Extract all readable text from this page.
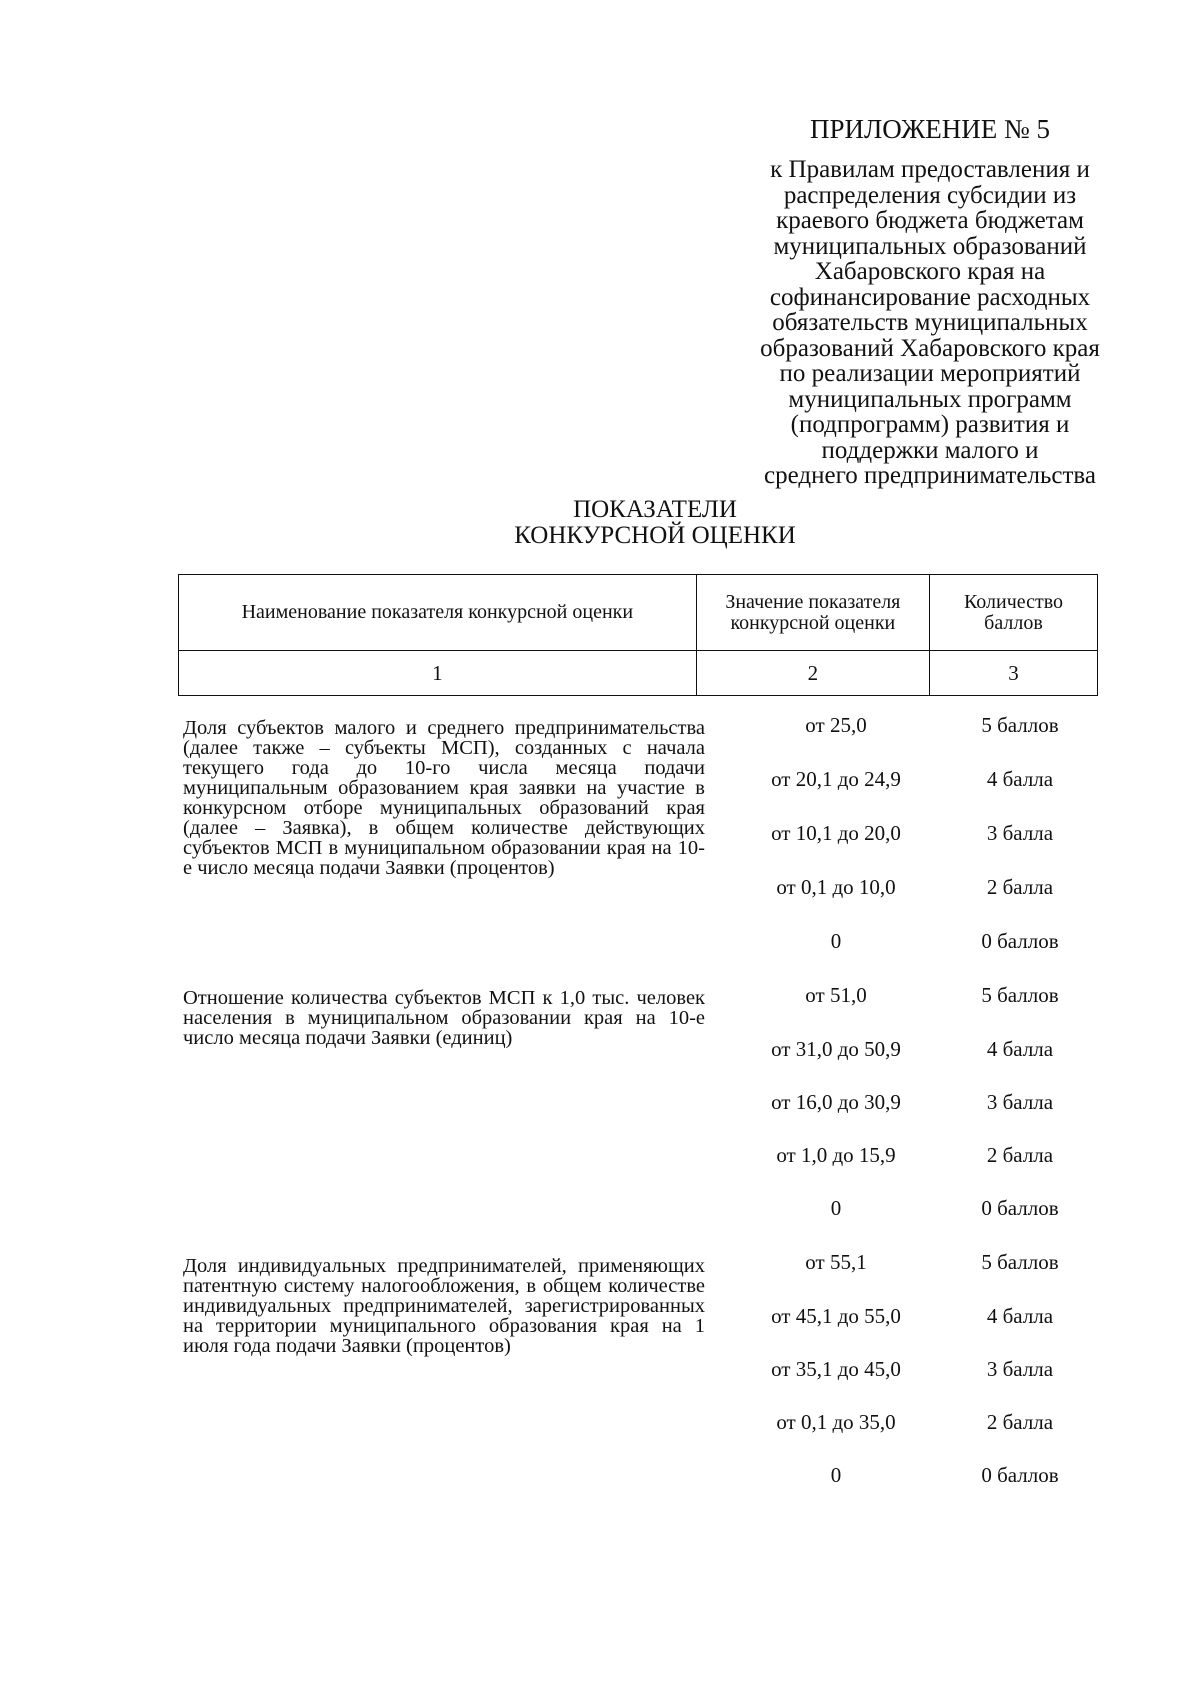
ПРИЛОЖЕНИЕ № 5
к Правилам предоставления и
распределения субсидии из
краевого бюджета бюджетам
муниципальных образований
Хабаровского края на
софинансирование расходных
обязательств муниципальных
образований Хабаровского края
по реализации мероприятий
муниципальных программ
(подпрограмм) развития и
поддержки малого и
среднего предпринимательства
ПОКАЗАТЕЛИ
КОНКУРСНОЙ ОЦЕНКИ
Наименование показателя конкурсной оценки	Значение показателя конкурсной оценки	Количество баллов
1	2	3
Доля субъектов малого и среднего предпринимательства (далее также – субъекты МСП), созданных с начала текущего года до 10-го числа месяца подачи муниципальным образованием края заявки на участие в конкурсном отборе муниципальных образований края (далее – Заявка), в общем количестве действующих субъектов МСП в муниципальном образовании края на 10-е число месяца подачи Заявки (процентов)
от 25,0	5 баллов
от 20,1 до 24,9	4 балла
от 10,1 до 20,0	3 балла
от 0,1 до 10,0	2 балла
0	0 баллов
Отношение количества субъектов МСП к 1,0 тыс. человек населения в муниципальном образовании края на 10-е число месяца подачи Заявки (единиц)
от 51,0	5 баллов
от 31,0 до 50,9	4 балла
от 16,0 до 30,9	3 балла
от 1,0 до 15,9	2 балла
0	0 баллов
Доля индивидуальных предпринимателей, применяющих патентную систему налогообложения, в общем количестве индивидуальных предпринимателей, зарегистрированных на территории муниципального образования края на 1 июля года подачи Заявки (процентов)
от 55,1	5 баллов
от 45,1 до 55,0	4 балла
от 35,1 до 45,0	3 балла
от 0,1 до 35,0	2 балла
0	0 баллов
